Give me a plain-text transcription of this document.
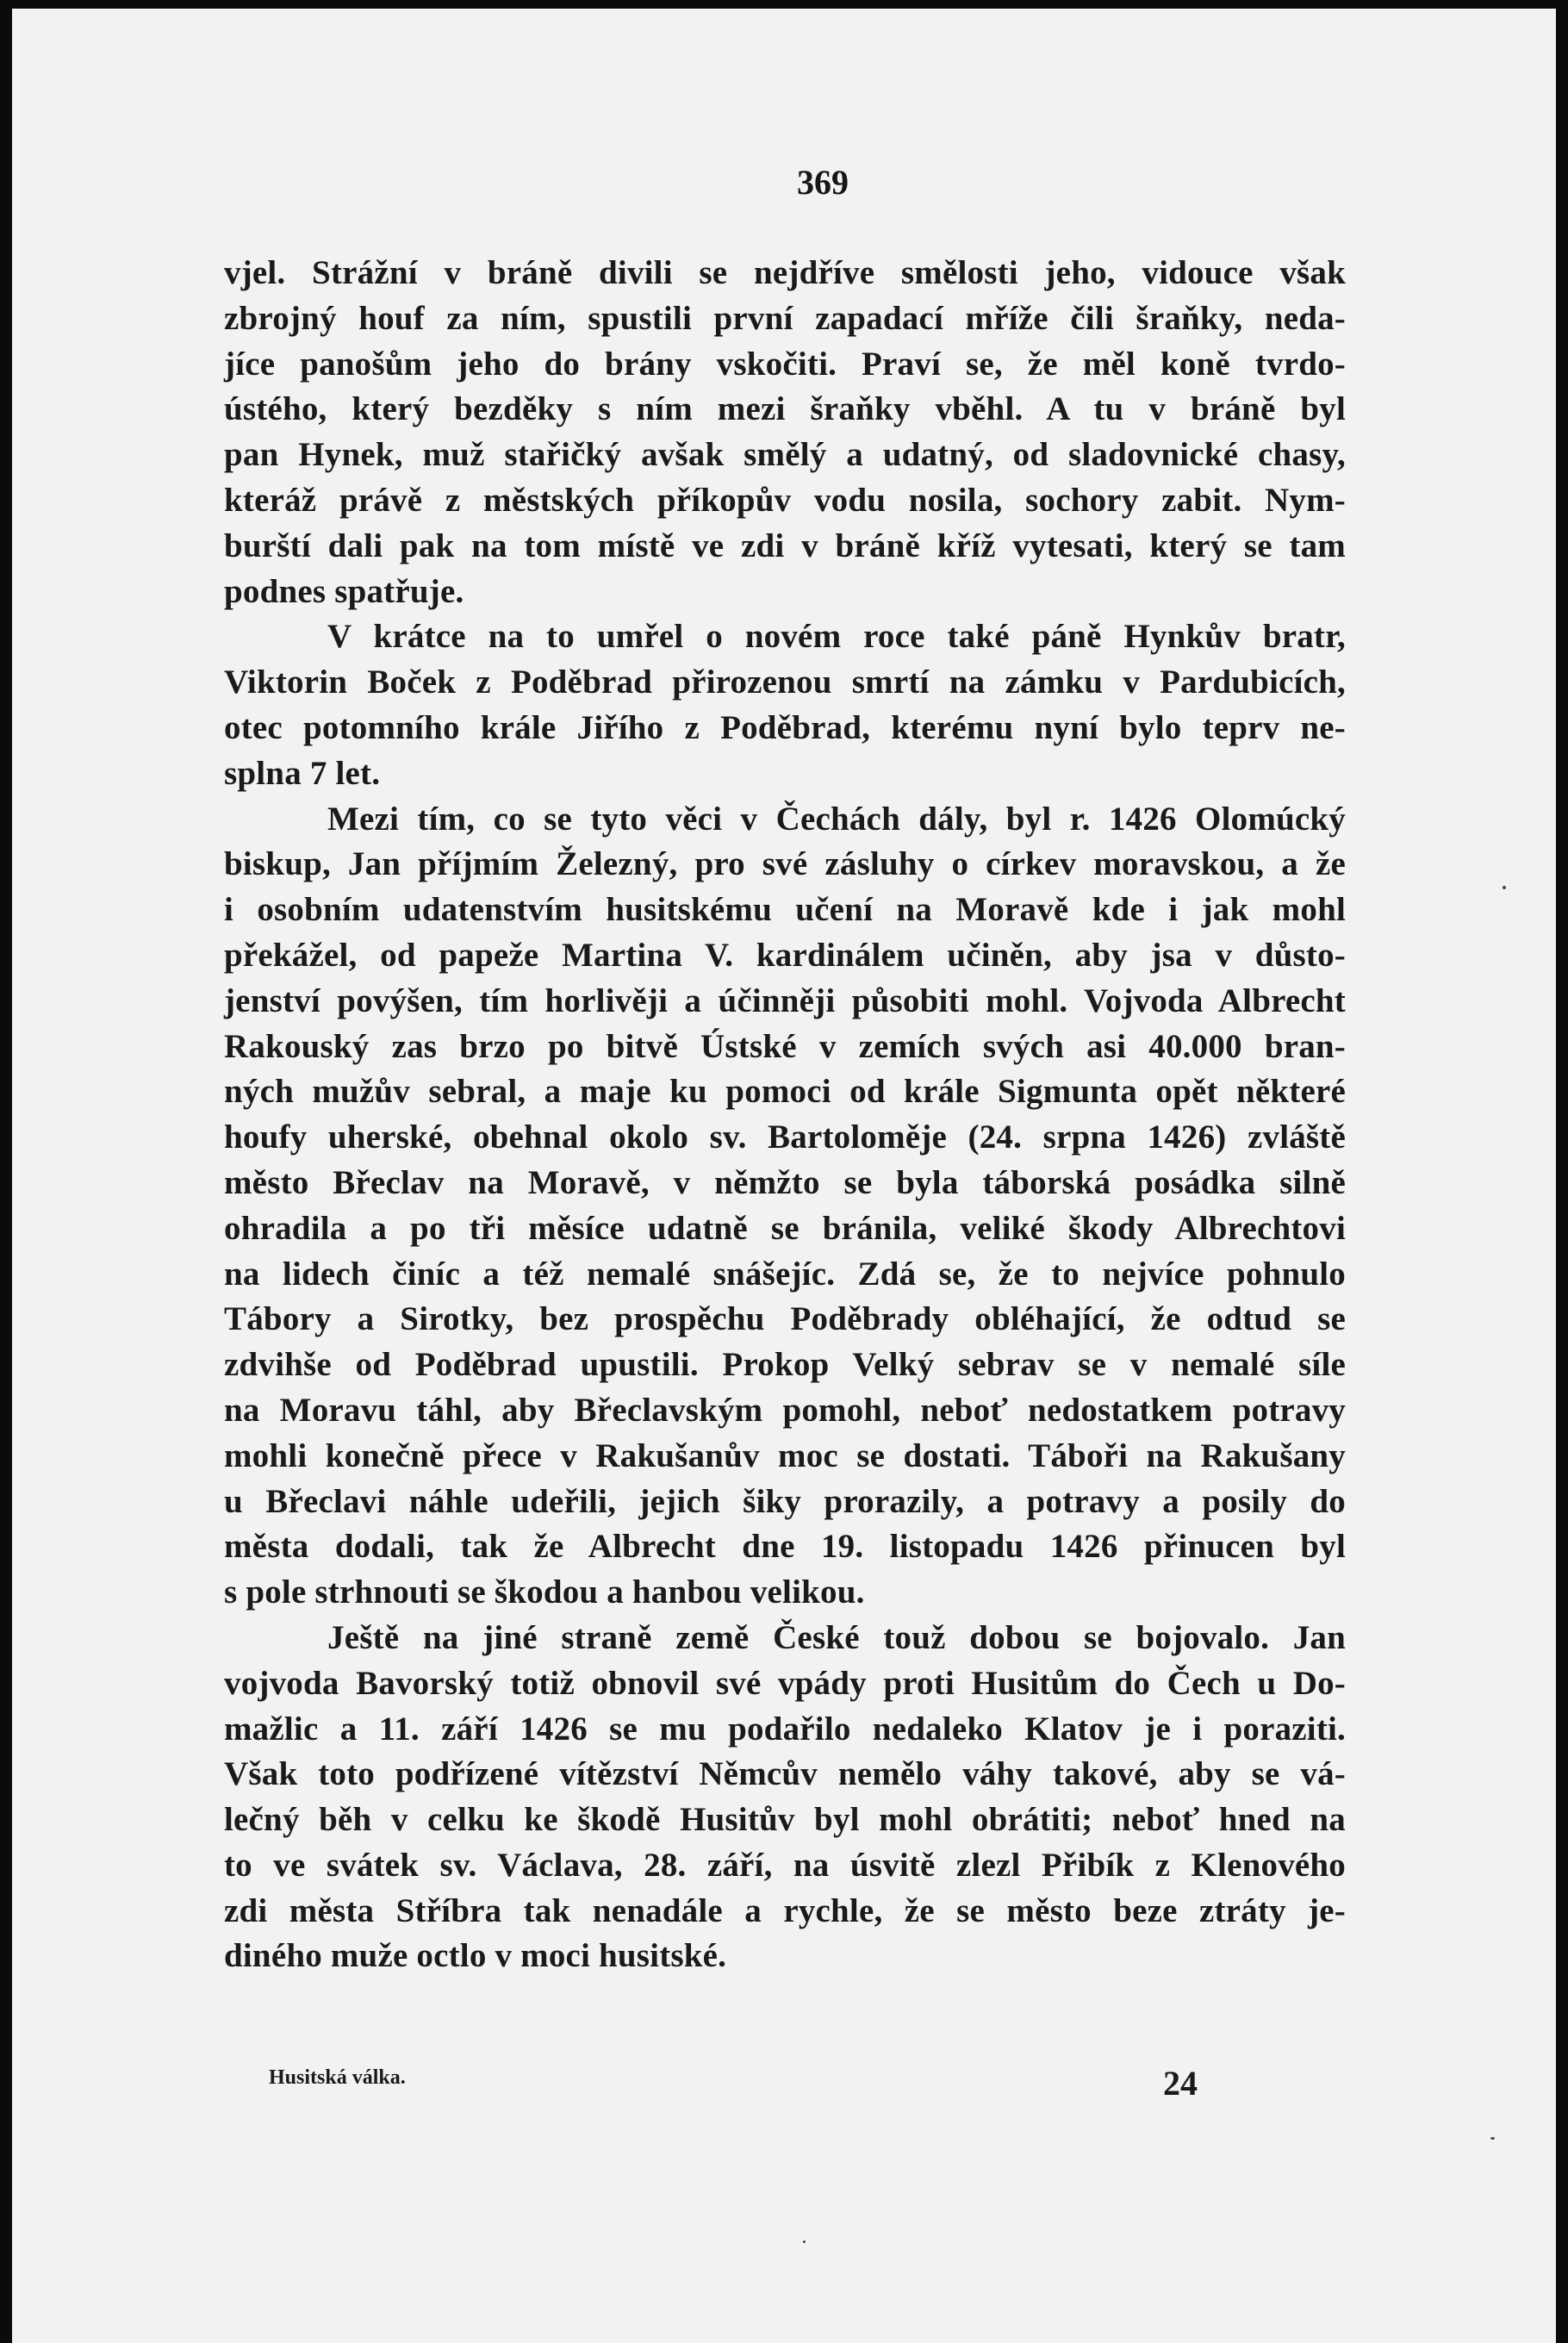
369
vjel. Strážní v bráně divili se nejdříve smělosti jeho, vidouce však
zbrojný houf za ním, spustili první zapadací mříže čili šraňky, neda-
jíce panošům jeho do brány vskočiti. Praví se, že měl koně tvrdo-
ústého, který bezděky s ním mezi šraňky vběhl. A tu v bráně byl
pan Hynek, muž stařičký avšak smělý a udatný, od sladovnické chasy,
kteráž právě z městských příkopův vodu nosila, sochory zabit. Nym-
burští dali pak na tom místě ve zdi v bráně kříž vytesati, který se tam
podnes spatřuje.
V krátce na to umřel o novém roce také páně Hynkův bratr,
Viktorin Boček z Poděbrad přirozenou smrtí na zámku v Pardubicích,
otec potomního krále Jiřího z Poděbrad, kterému nyní bylo teprv ne-
splna 7 let.
Mezi tím, co se tyto věci v Čechách dály, byl r. 1426 Olomúcký
biskup, Jan příjmím Železný, pro své zásluhy o církev moravskou, a že
i osobním udatenstvím husitskému učení na Moravě kde i jak mohl
překážel, od papeže Martina V. kardinálem učiněn, aby jsa v důsto-
jenství povýšen, tím horlivěji a účinněji působiti mohl. Vojvoda Albrecht
Rakouský zas brzo po bitvě Ústské v zemích svých asi 40.000 bran-
ných mužův sebral, a maje ku pomoci od krále Sigmunta opět některé
houfy uherské, obehnal okolo sv. Bartoloměje (24. srpna 1426) zvláště
město Břeclav na Moravě, v němžto se byla táborská posádka silně
ohradila a po tři měsíce udatně se bránila, veliké škody Albrechtovi
na lidech činíc a též nemalé snášejíc. Zdá se, že to nejvíce pohnulo
Tábory a Sirotky, bez prospěchu Poděbrady obléhající, že odtud se
zdvihše od Poděbrad upustili. Prokop Velký sebrav se v nemalé síle
na Moravu táhl, aby Břeclavským pomohl, neboť nedostatkem potravy
mohli konečně přece v Rakušanův moc se dostati. Táboři na Rakušany
u Břeclavi náhle udeřili, jejich šiky prorazily, a potravy a posily do
města dodali, tak že Albrecht dne 19. listopadu 1426 přinucen byl
s pole strhnouti se škodou a hanbou velikou.
Ještě na jiné straně země České touž dobou se bojovalo. Jan
vojvoda Bavorský totiž obnovil své vpády proti Husitům do Čech u Do-
mažlic a 11. září 1426 se mu podařilo nedaleko Klatov je i poraziti.
Však toto podřízené vítězství Němcův nemělo váhy takové, aby se vá-
lečný běh v celku ke škodě Husitův byl mohl obrátiti; neboť hned na
to ve svátek sv. Václava, 28. září, na úsvitě zlezl Přibík z Klenového
zdi města Stříbra tak nenadále a rychle, že se město beze ztráty je-
diného muže octlo v moci husitské.
Husitská válka.	24
